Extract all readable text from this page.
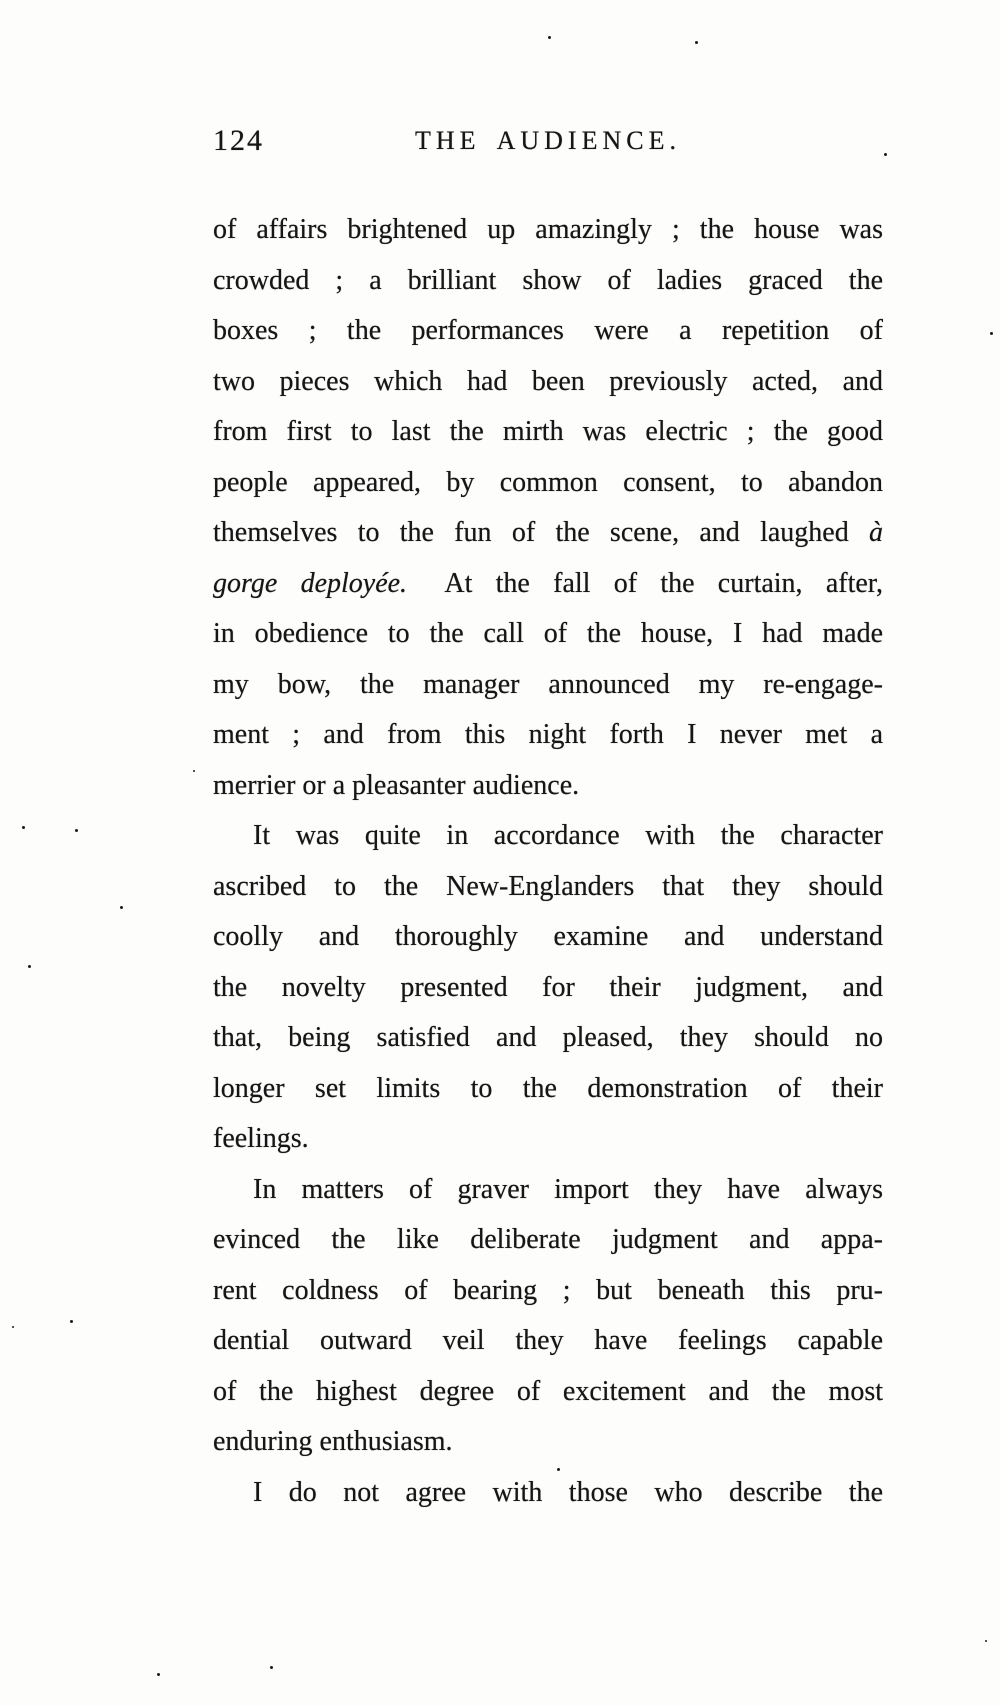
124	THE AUDIENCE.
of affairs brightened up amazingly ; the house was
crowded ; a brilliant show of ladies graced the
boxes ; the performances were a repetition of
two pieces which had been previously acted, and
from first to last the mirth was electric ; the good
people appeared, by common consent, to abandon
themselves to the fun of the scene, and laughed à
gorge deployée.  At the fall of the curtain, after,
in obedience to the call of the house, I had made
my bow, the manager announced my re-engage-
ment ; and from this night forth I never met a
merrier or a pleasanter audience.
It was quite in accordance with the character
ascribed to the New-Englanders that they should
coolly and thoroughly examine and understand
the novelty presented for their judgment, and
that, being satisfied and pleased, they should no
longer set limits to the demonstration of their
feelings.
In matters of graver import they have always
evinced the like deliberate judgment and appa-
rent coldness of bearing ; but beneath this pru-
dential outward veil they have feelings capable
of the highest degree of excitement and the most
enduring enthusiasm.
I do not agree with those who describe the
